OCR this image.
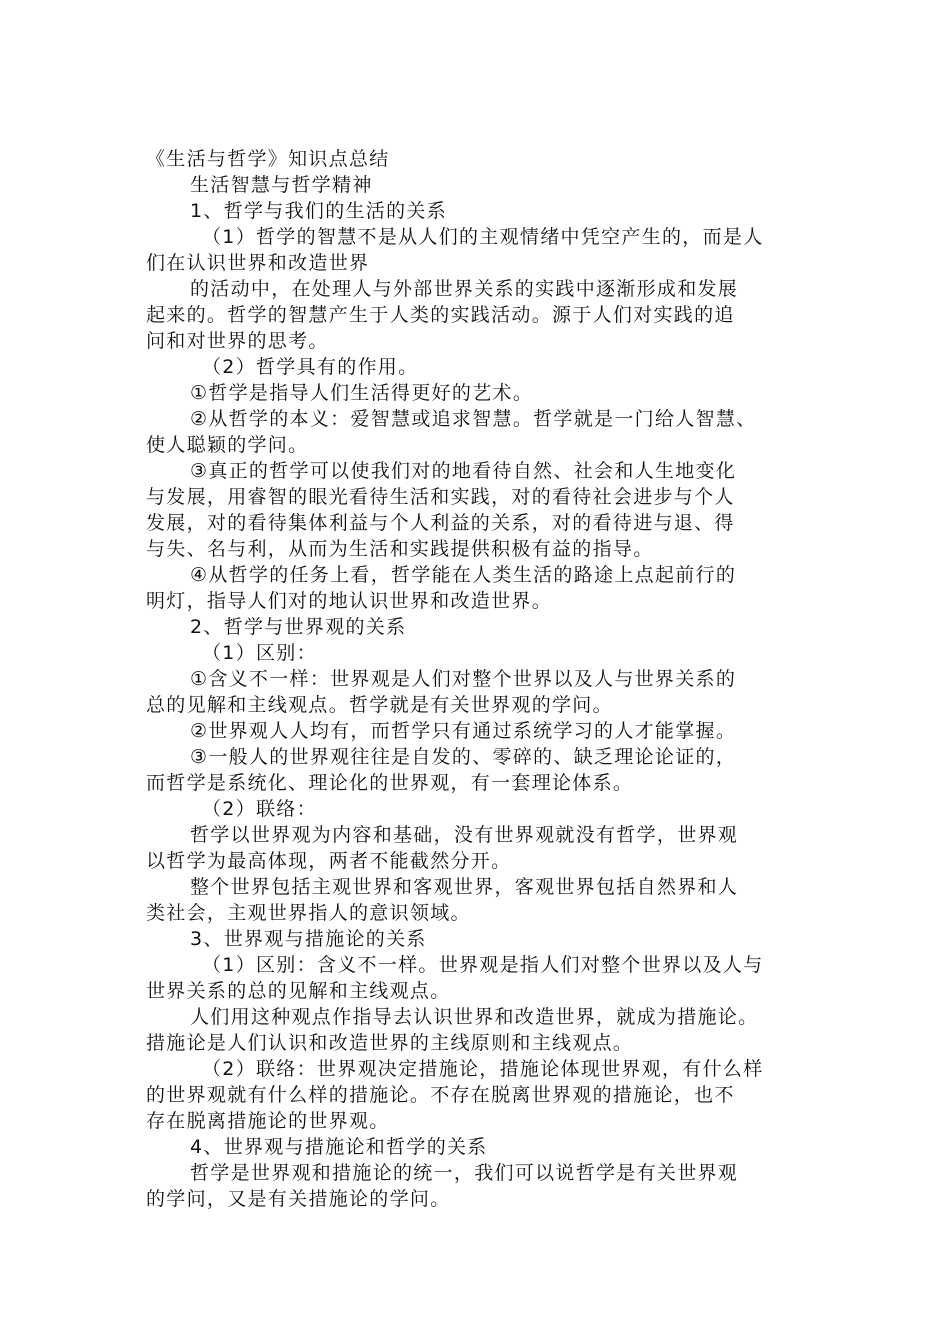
《生活与哲学》知识点总结
生活智慧与哲学精神
1、哲学与我们的生活的关系
（1）哲学的智慧不是从人们的主观情绪中凭空产生的，而是人
们在认识世界和改造世界
的活动中，在处理人与外部世界关系的实践中逐渐形成和发展
起来的。哲学的智慧产生于人类的实践活动。源于人们对实践的追
问和对世界的思考。
（2）哲学具有的作用。
①哲学是指导人们生活得更好的艺术。
②从哲学的本义：爱智慧或追求智慧。哲学就是一门给人智慧、
使人聪颖的学问。
③真正的哲学可以使我们对的地看待自然、社会和人生地变化
与发展，用睿智的眼光看待生活和实践，对的看待社会进步与个人
发展，对的看待集体利益与个人利益的关系，对的看待进与退、得
与失、名与利，从而为生活和实践提供积极有益的指导。
④从哲学的任务上看，哲学能在人类生活的路途上点起前行的
明灯，指导人们对的地认识世界和改造世界。
2、哲学与世界观的关系
（1）区别：
①含义不一样：世界观是人们对整个世界以及人与世界关系的
总的见解和主线观点。哲学就是有关世界观的学问。
②世界观人人均有，而哲学只有通过系统学习的人才能掌握。
③一般人的世界观往往是自发的、零碎的、缺乏理论论证的，
而哲学是系统化、理论化的世界观，有一套理论体系。
（2）联络：
哲学以世界观为内容和基础，没有世界观就没有哲学，世界观
以哲学为最高体现，两者不能截然分开。
整个世界包括主观世界和客观世界，客观世界包括自然界和人
类社会，主观世界指人的意识领域。
3、世界观与措施论的关系
（1）区别：含义不一样。世界观是指人们对整个世界以及人与
世界关系的总的见解和主线观点。
人们用这种观点作指导去认识世界和改造世界，就成为措施论。
措施论是人们认识和改造世界的主线原则和主线观点。
（2）联络：世界观决定措施论，措施论体现世界观，有什么样
的世界观就有什么样的措施论。不存在脱离世界观的措施论，也不
存在脱离措施论的世界观。
4、世界观与措施论和哲学的关系
哲学是世界观和措施论的统一，我们可以说哲学是有关世界观
的学问，又是有关措施论的学问。
